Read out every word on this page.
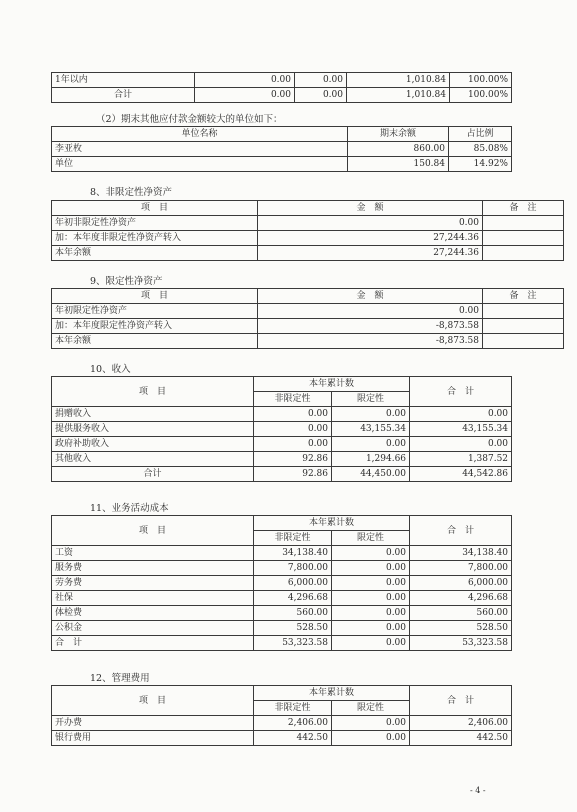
1年以内	0.00	0.00	1,010.84	100.00%
合计	0.00	0.00	1,010.84	100.00%
（2）期末其他应付款金额较大的单位如下：
单位名称	期末余额	占比例
李亚枚	860.00	85.08%
单位	150.84	14.92%
8、非限定性净资产
项　目	金　额	备　注
年初非限定性净资产	0.00	
加：本年度非限定性净资产转入	27,244.36	
本年余额	27,244.36	
9、限定性净资产
项　目	金　额	备　注
年初限定性净资产	0.00	
加：本年度限定性净资产转入	-8,873.58	
本年余额	-8,873.58	
10、收入
项　目	本年累计数		合　计
	非限定性	限定性	
捐赠收入	0.00	0.00	0.00
提供服务收入	0.00	43,155.34	43,155.34
政府补助收入	0.00	0.00	0.00
其他收入	92.86	1,294.66	1,387.52
合计	92.86	44,450.00	44,542.86
11、业务活动成本
项　目	本年累计数		合　计
	非限定性	限定性	
工资	34,138.40	0.00	34,138.40
服务费	7,800.00	0.00	7,800.00
劳务费	6,000.00	0.00	6,000.00
社保	4,296.68	0.00	4,296.68
体检费	560.00	0.00	560.00
公积金	528.50	0.00	528.50
合　计	53,323.58	0.00	53,323.58
12、管理费用
项　目	本年累计数		合　计
	非限定性	限定性	
开办费	2,406.00	0.00	2,406.00
银行费用	442.50	0.00	442.50
- 4 -
